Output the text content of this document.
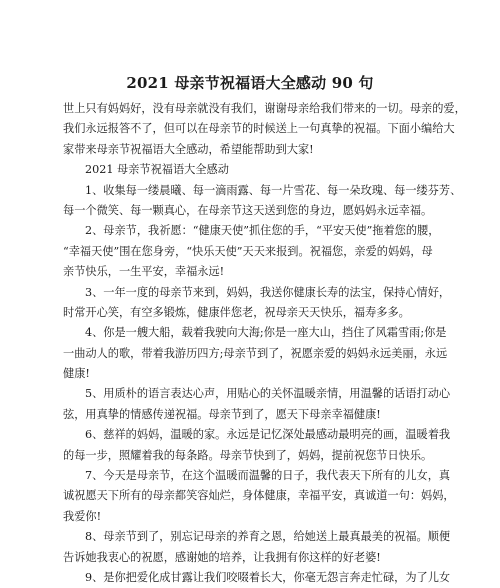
2021 母亲节祝福语大全感动 90 句
世上只有妈妈好，没有母亲就没有我们，谢谢母亲给我们带来的一切。母亲的爱，
我们永远报答不了，但可以在母亲节的时候送上一句真挚的祝福。下面小编给大
家带来母亲节祝福语大全感动，希望能帮助到大家!
2021 母亲节祝福语大全感动
1、收集每一缕晨曦、每一滴雨露、每一片雪花、每一朵玫瑰、每一缕芬芳、
每一个微笑、每一颗真心，在母亲节这天送到您的身边，愿妈妈永远幸福。
2、母亲节，我祈愿：“健康天使”抓住您的手，“平安天使”拖着您的腰，
“幸福天使”围在您身旁，“快乐天使”天天来报到。祝福您，亲爱的妈妈，母
亲节快乐，一生平安，幸福永远!
3、一年一度的母亲节来到，妈妈，我送你健康长寿的法宝，保持心情好，
时常开心笑，有空多锻炼，健康伴您老，祝母亲天天快乐，福寿多多。
4、你是一艘大船，载着我驶向大海;你是一座大山，挡住了风霜雪雨;你是
一曲动人的歌，带着我游历四方;母亲节到了，祝愿亲爱的妈妈永远美丽，永远
健康!
5、用质朴的语言表达心声，用贴心的关怀温暖亲情，用温馨的话语打动心
弦，用真挚的情感传递祝福。母亲节到了，愿天下母亲幸福健康!
6、慈祥的妈妈，温暖的家。永远是记忆深处最感动最明亮的画，温暖着我
的每一步，照耀着我的每条路。母亲节快到了，妈妈，提前祝您节日快乐。
7、今天是母亲节，在这个温暖而温馨的日子，我代表天下所有的儿女，真
诚祝愿天下所有的母亲都笑容灿烂，身体健康，幸福平安，真诚道一句：妈妈，
我爱你!
8、母亲节到了，别忘记母亲的养育之恩，给她送上最真最美的祝福。顺便
告诉她我衷心的祝愿，感谢她的培养，让我拥有你这样的好老婆!
9、是你把爱化成甘露让我们咬啜着长大，你毫无怨言奔走忙碌，为了儿女
